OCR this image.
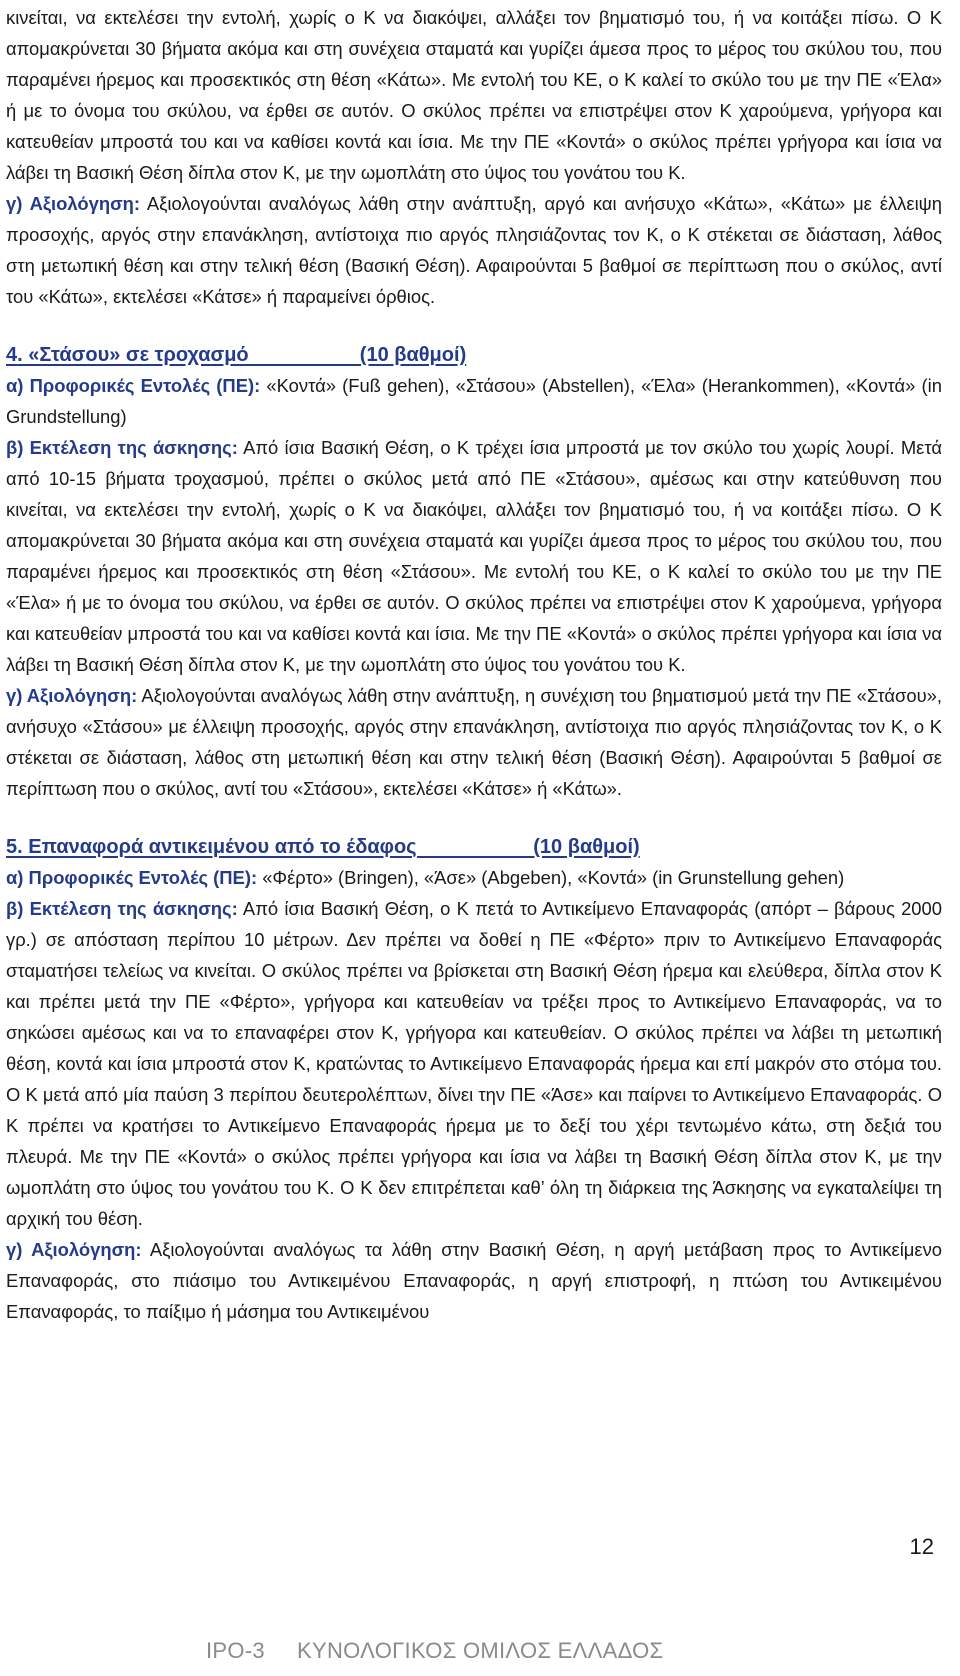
κινείται, να εκτελέσει την εντολή, χωρίς ο Κ να διακόψει, αλλάξει τον βηματισμό του, ή να κοιτάξει πίσω. Ο Κ απομακρύνεται 30 βήματα ακόμα και στη συνέχεια σταματά και γυρίζει άμεσα προς το μέρος του σκύλου του, που παραμένει ήρεμος και προσεκτικός στη θέση «Κάτω». Με εντολή του ΚΕ, ο Κ καλεί το σκύλο του με την ΠΕ «Έλα» ή με το όνομα του σκύλου, να έρθει σε αυτόν. Ο σκύλος πρέπει να επιστρέψει στον Κ χαρούμενα, γρήγορα και κατευθείαν μπροστά του και να καθίσει κοντά και ίσια. Με την ΠΕ «Κοντά» ο σκύλος πρέπει γρήγορα και ίσια να λάβει τη Βασική Θέση δίπλα στον Κ, με την ωμοπλάτη στο ύψος του γονάτου του Κ.

γ) Αξιολόγηση: Αξιολογούνται αναλόγως λάθη στην ανάπτυξη, αργό και ανήσυχο «Κάτω», «Κάτω» με έλλειψη προσοχής, αργός στην επανάκληση, αντίστοιχα πιο αργός πλησιάζοντας τον Κ, ο Κ στέκεται σε διάσταση, λάθος στη μετωπική θέση και στην τελική θέση (Βασική Θέση). Αφαιρούνται 5 βαθμοί σε περίπτωση που ο σκύλος, αντί του «Κάτω», εκτελέσει «Κάτσε» ή παραμείνει όρθιος.

4. «Στάσου» σε τροχασμό                    (10 βαθμοί)

α) Προφορικές Εντολές (ΠΕ): «Κοντά» (Fuß gehen), «Στάσου» (Abstellen), «Έλα» (Herankommen), «Κοντά» (in Grundstellung)

β) Εκτέλεση της άσκησης: Από ίσια Βασική Θέση, ο Κ τρέχει ίσια μπροστά με τον σκύλο του χωρίς λουρί. Μετά από 10-15 βήματα τροχασμού, πρέπει ο σκύλος μετά από ΠΕ «Στάσου», αμέσως και στην κατεύθυνση που κινείται, να εκτελέσει την εντολή, χωρίς ο Κ να διακόψει, αλλάξει τον βηματισμό του, ή να κοιτάξει πίσω. Ο Κ απομακρύνεται 30 βήματα ακόμα και στη συνέχεια σταματά και γυρίζει άμεσα προς το μέρος του σκύλου του, που παραμένει ήρεμος και προσεκτικός στη θέση «Στάσου». Με εντολή του ΚΕ, ο Κ καλεί το σκύλο του με την ΠΕ «Έλα» ή με το όνομα του σκύλου, να έρθει σε αυτόν. Ο σκύλος πρέπει να επιστρέψει στον Κ χαρούμενα, γρήγορα και κατευθείαν μπροστά του και να καθίσει κοντά και ίσια. Με την ΠΕ «Κοντά» ο σκύλος πρέπει γρήγορα και ίσια να λάβει τη Βασική Θέση δίπλα στον Κ, με την ωμοπλάτη στο ύψος του γονάτου του Κ.

γ) Αξιολόγηση: Αξιολογούνται αναλόγως λάθη στην ανάπτυξη, η συνέχιση του βηματισμού μετά την ΠΕ «Στάσου», ανήσυχο «Στάσου» με έλλειψη προσοχής, αργός στην επανάκληση, αντίστοιχα πιο αργός πλησιάζοντας τον Κ, ο Κ στέκεται σε διάσταση, λάθος στη μετωπική θέση και στην τελική θέση (Βασική Θέση). Αφαιρούνται 5 βαθμοί σε περίπτωση που ο σκύλος, αντί του «Στάσου», εκτελέσει «Κάτσε» ή «Κάτω».

5. Επαναφορά αντικειμένου από το έδαφος                     (10 βαθμοί)

α) Προφορικές Εντολές (ΠΕ): «Φέρτο» (Bringen), «Άσε» (Abgeben), «Κοντά» (in Grunstellung gehen)

β) Εκτέλεση της άσκησης: Από ίσια Βασική Θέση, ο Κ πετά το Αντικείμενο Επαναφοράς (απόρτ – βάρους 2000 γρ.) σε απόσταση περίπου 10 μέτρων. Δεν πρέπει να δοθεί η ΠΕ «Φέρτο» πριν το Αντικείμενο Επαναφοράς σταματήσει τελείως να κινείται. Ο σκύλος πρέπει να βρίσκεται στη Βασική Θέση ήρεμα και ελεύθερα, δίπλα στον Κ και πρέπει μετά την ΠΕ «Φέρτο», γρήγορα και κατευθείαν να τρέξει προς το Αντικείμενο Επαναφοράς, να το σηκώσει αμέσως και να το επαναφέρει στον Κ, γρήγορα και κατευθείαν. Ο σκύλος πρέπει να λάβει τη μετωπική θέση, κοντά και ίσια μπροστά στον Κ, κρατώντας το Αντικείμενο Επαναφοράς ήρεμα και επί μακρόν στο στόμα του. Ο Κ μετά από μία παύση 3 περίπου δευτερολέπτων, δίνει την ΠΕ «Άσε» και παίρνει το Αντικείμενο Επαναφοράς. Ο Κ πρέπει να κρατήσει το Αντικείμενο Επαναφοράς ήρεμα με το δεξί του χέρι τεντωμένο κάτω, στη δεξιά του πλευρά. Με την ΠΕ «Κοντά» ο σκύλος πρέπει γρήγορα και ίσια να λάβει τη Βασική Θέση δίπλα στον Κ, με την ωμοπλάτη στο ύψος του γονάτου του Κ. Ο Κ δεν επιτρέπεται καθ’ όλη τη διάρκεια της Άσκησης να εγκαταλείψει τη αρχική του θέση.

γ) Αξιολόγηση: Αξιολογούνται αναλόγως τα λάθη στην Βασική Θέση, η αργή μετάβαση προς το Αντικείμενο Επαναφοράς, στο πιάσιμο του Αντικειμένου Επαναφοράς, η αργή επιστροφή, η πτώση του Αντικειμένου Επαναφοράς, το παίξιμο ή μάσημα του Αντικειμένου

12
IPO-3     ΚΥΝΟΛΟΓΙΚΟΣ ΟΜΙΛΟΣ ΕΛΛΑΔΟΣ
